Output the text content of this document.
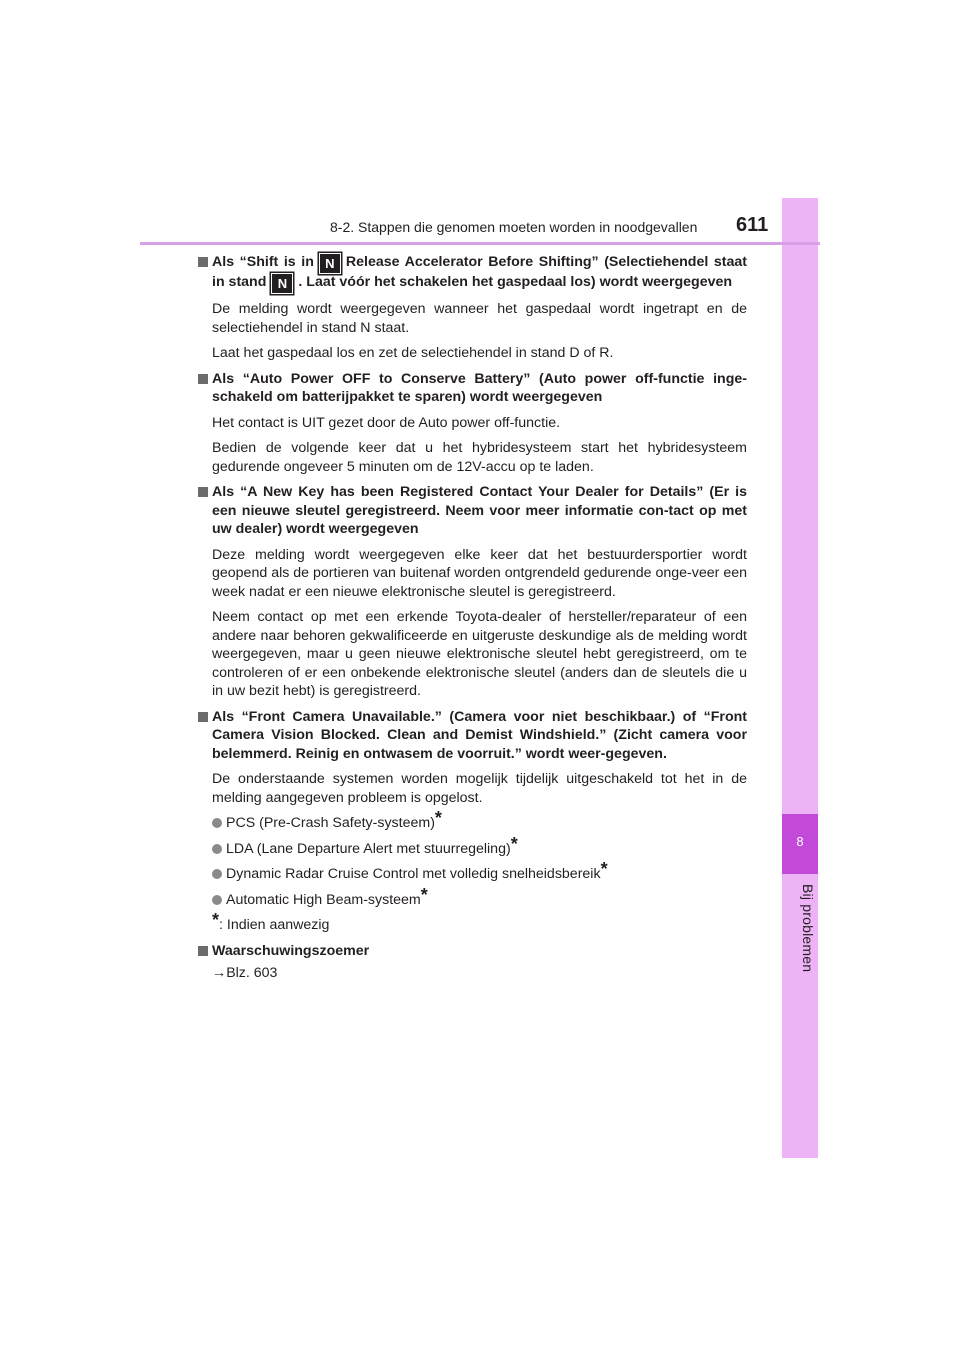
8
Bij problemen
8-2. Stappen die genomen moeten worden in noodgevallen 611
Als “Shift is in N Release Accelerator Before Shifting” (Selectiehendel staat in stand N . Laat vóór het schakelen het gaspedaal los) wordt weergegeven
De melding wordt weergegeven wanneer het gaspedaal wordt ingetrapt en de selectiehendel in stand N staat.
Laat het gaspedaal los en zet de selectiehendel in stand D of R.
Als “Auto Power OFF to Conserve Battery” (Auto power off-functie inge-schakeld om batterijpakket te sparen) wordt weergegeven
Het contact is UIT gezet door de Auto power off-functie.
Bedien de volgende keer dat u het hybridesysteem start het hybridesysteem gedurende ongeveer 5 minuten om de 12V-accu op te laden.
Als “A New Key has been Registered Contact Your Dealer for Details” (Er is een nieuwe sleutel geregistreerd. Neem voor meer informatie con-tact op met uw dealer) wordt weergegeven
Deze melding wordt weergegeven elke keer dat het bestuurdersportier wordt geopend als de portieren van buitenaf worden ontgrendeld gedurende onge-veer een week nadat er een nieuwe elektronische sleutel is geregistreerd.
Neem contact op met een erkende Toyota-dealer of hersteller/reparateur of een andere naar behoren gekwalificeerde en uitgeruste deskundige als de melding wordt weergegeven, maar u geen nieuwe elektronische sleutel hebt geregistreerd, om te controleren of er een onbekende elektronische sleutel (anders dan de sleutels die u in uw bezit hebt) is geregistreerd.
Als “Front Camera Unavailable.” (Camera voor niet beschikbaar.) of “Front Camera Vision Blocked. Clean and Demist Windshield.” (Zicht camera voor belemmerd. Reinig en ontwasem de voorruit.” wordt weer-gegeven.
De onderstaande systemen worden mogelijk tijdelijk uitgeschakeld tot het in de melding aangegeven probleem is opgelost.
PCS (Pre-Crash Safety-systeem)*
LDA (Lane Departure Alert met stuurregeling)*
Dynamic Radar Cruise Control met volledig snelheidsbereik*
Automatic High Beam-systeem*
*: Indien aanwezig
Waarschuwingszoemer
→Blz. 603
